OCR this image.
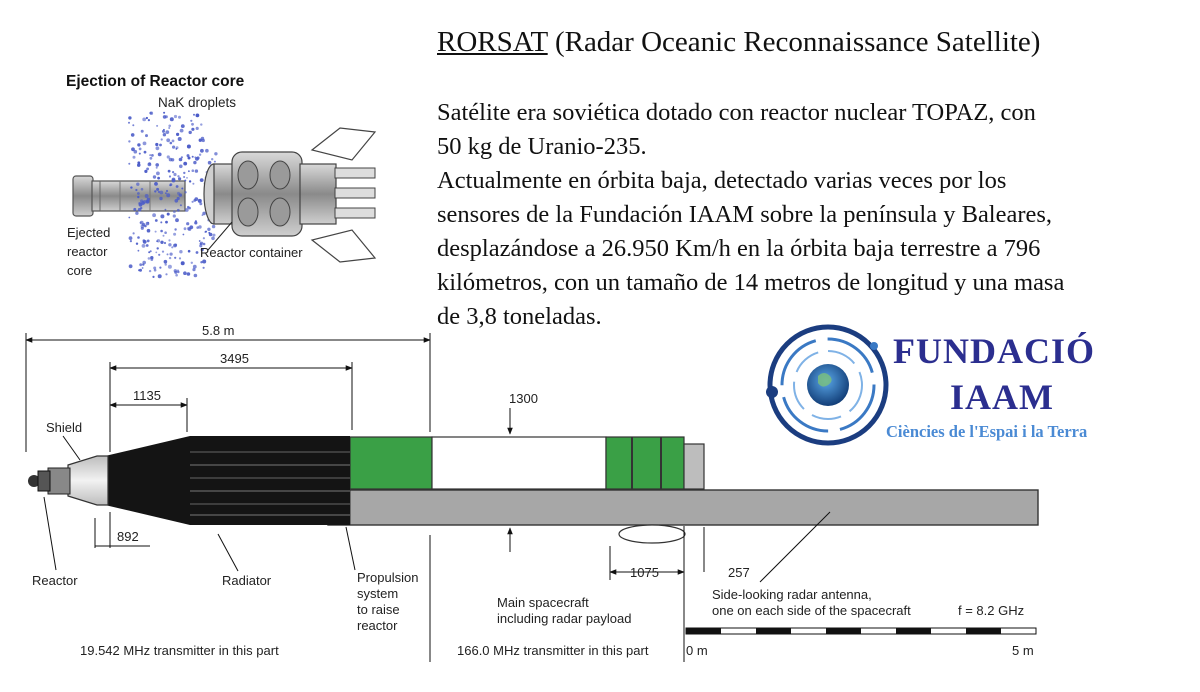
RORSAT (Radar Oceanic Reconnaissance Satellite)
Satélite era soviética dotado con reactor nuclear TOPAZ, con
50 kg de Uranio-235.
Actualmente en órbita baja, detectado varias veces por los
sensores de la Fundación IAAM sobre la península y Baleares,
desplazándose a 26.950 Km/h en la órbita baja terrestre a 796
kilómetros, con un tamaño de 14 metros de longitud y una masa
de 3,8 toneladas.
Ejection of Reactor core
NaK droplets
Ejected
reactor
core
Reactor container
5.8 m
3495
1135	1300
892
1075	257
Shield
Reactor	Radiator	Propulsion
system
to raise
reactor
Main spacecraft
including radar payload
Side-looking radar antenna,
one on each side of the spacecraft	f = 8.2 GHz
19.542 MHz transmitter in this part	166.0 MHz transmitter in this part	0 m	5 m
FUNDACIÓ
IAAM
Ciències de l'Espai i la Terra
